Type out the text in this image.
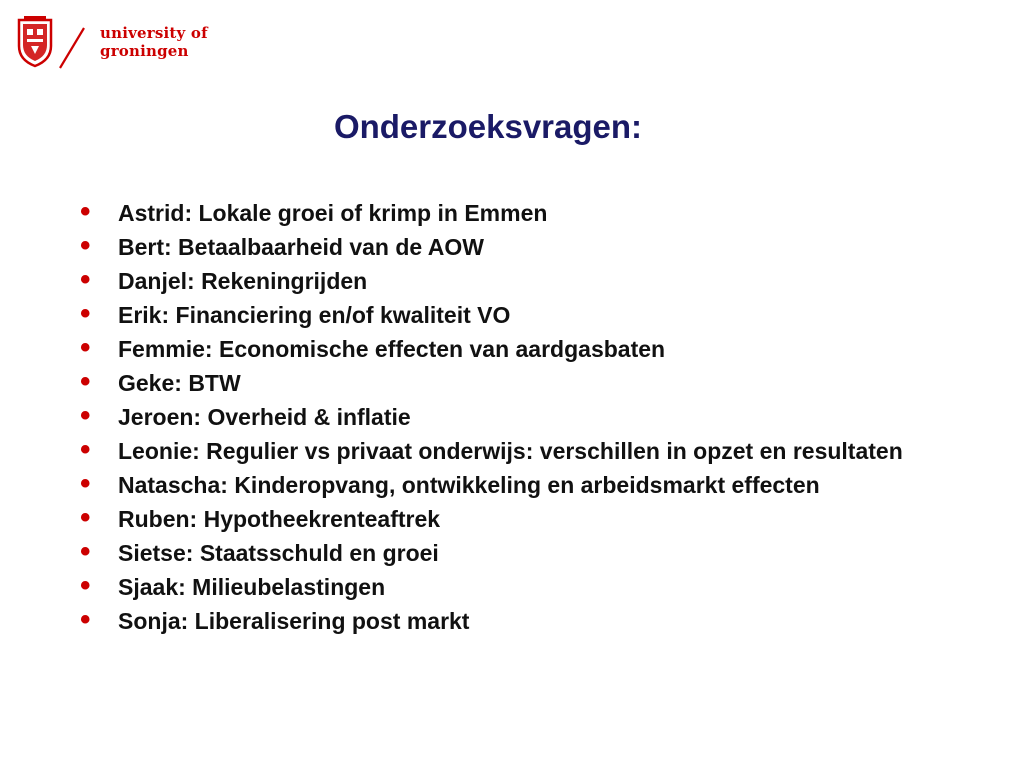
university of
groningen
Onderzoeksvragen:
• Astrid: Lokale groei of krimp in Emmen
• Bert: Betaalbaarheid van de AOW
• Danjel: Rekeningrijden
• Erik: Financiering en/of kwaliteit VO
• Femmie: Economische effecten van aardgasbaten
• Geke: BTW
• Jeroen: Overheid & inflatie
• Leonie: Regulier vs privaat onderwijs: verschillen in opzet en resultaten
• Natascha: Kinderopvang, ontwikkeling en arbeidsmarkt effecten
• Ruben: Hypotheekrenteaftrek
• Sietse: Staatsschuld en groei
• Sjaak: Milieubelastingen
• Sonja: Liberalisering post markt
